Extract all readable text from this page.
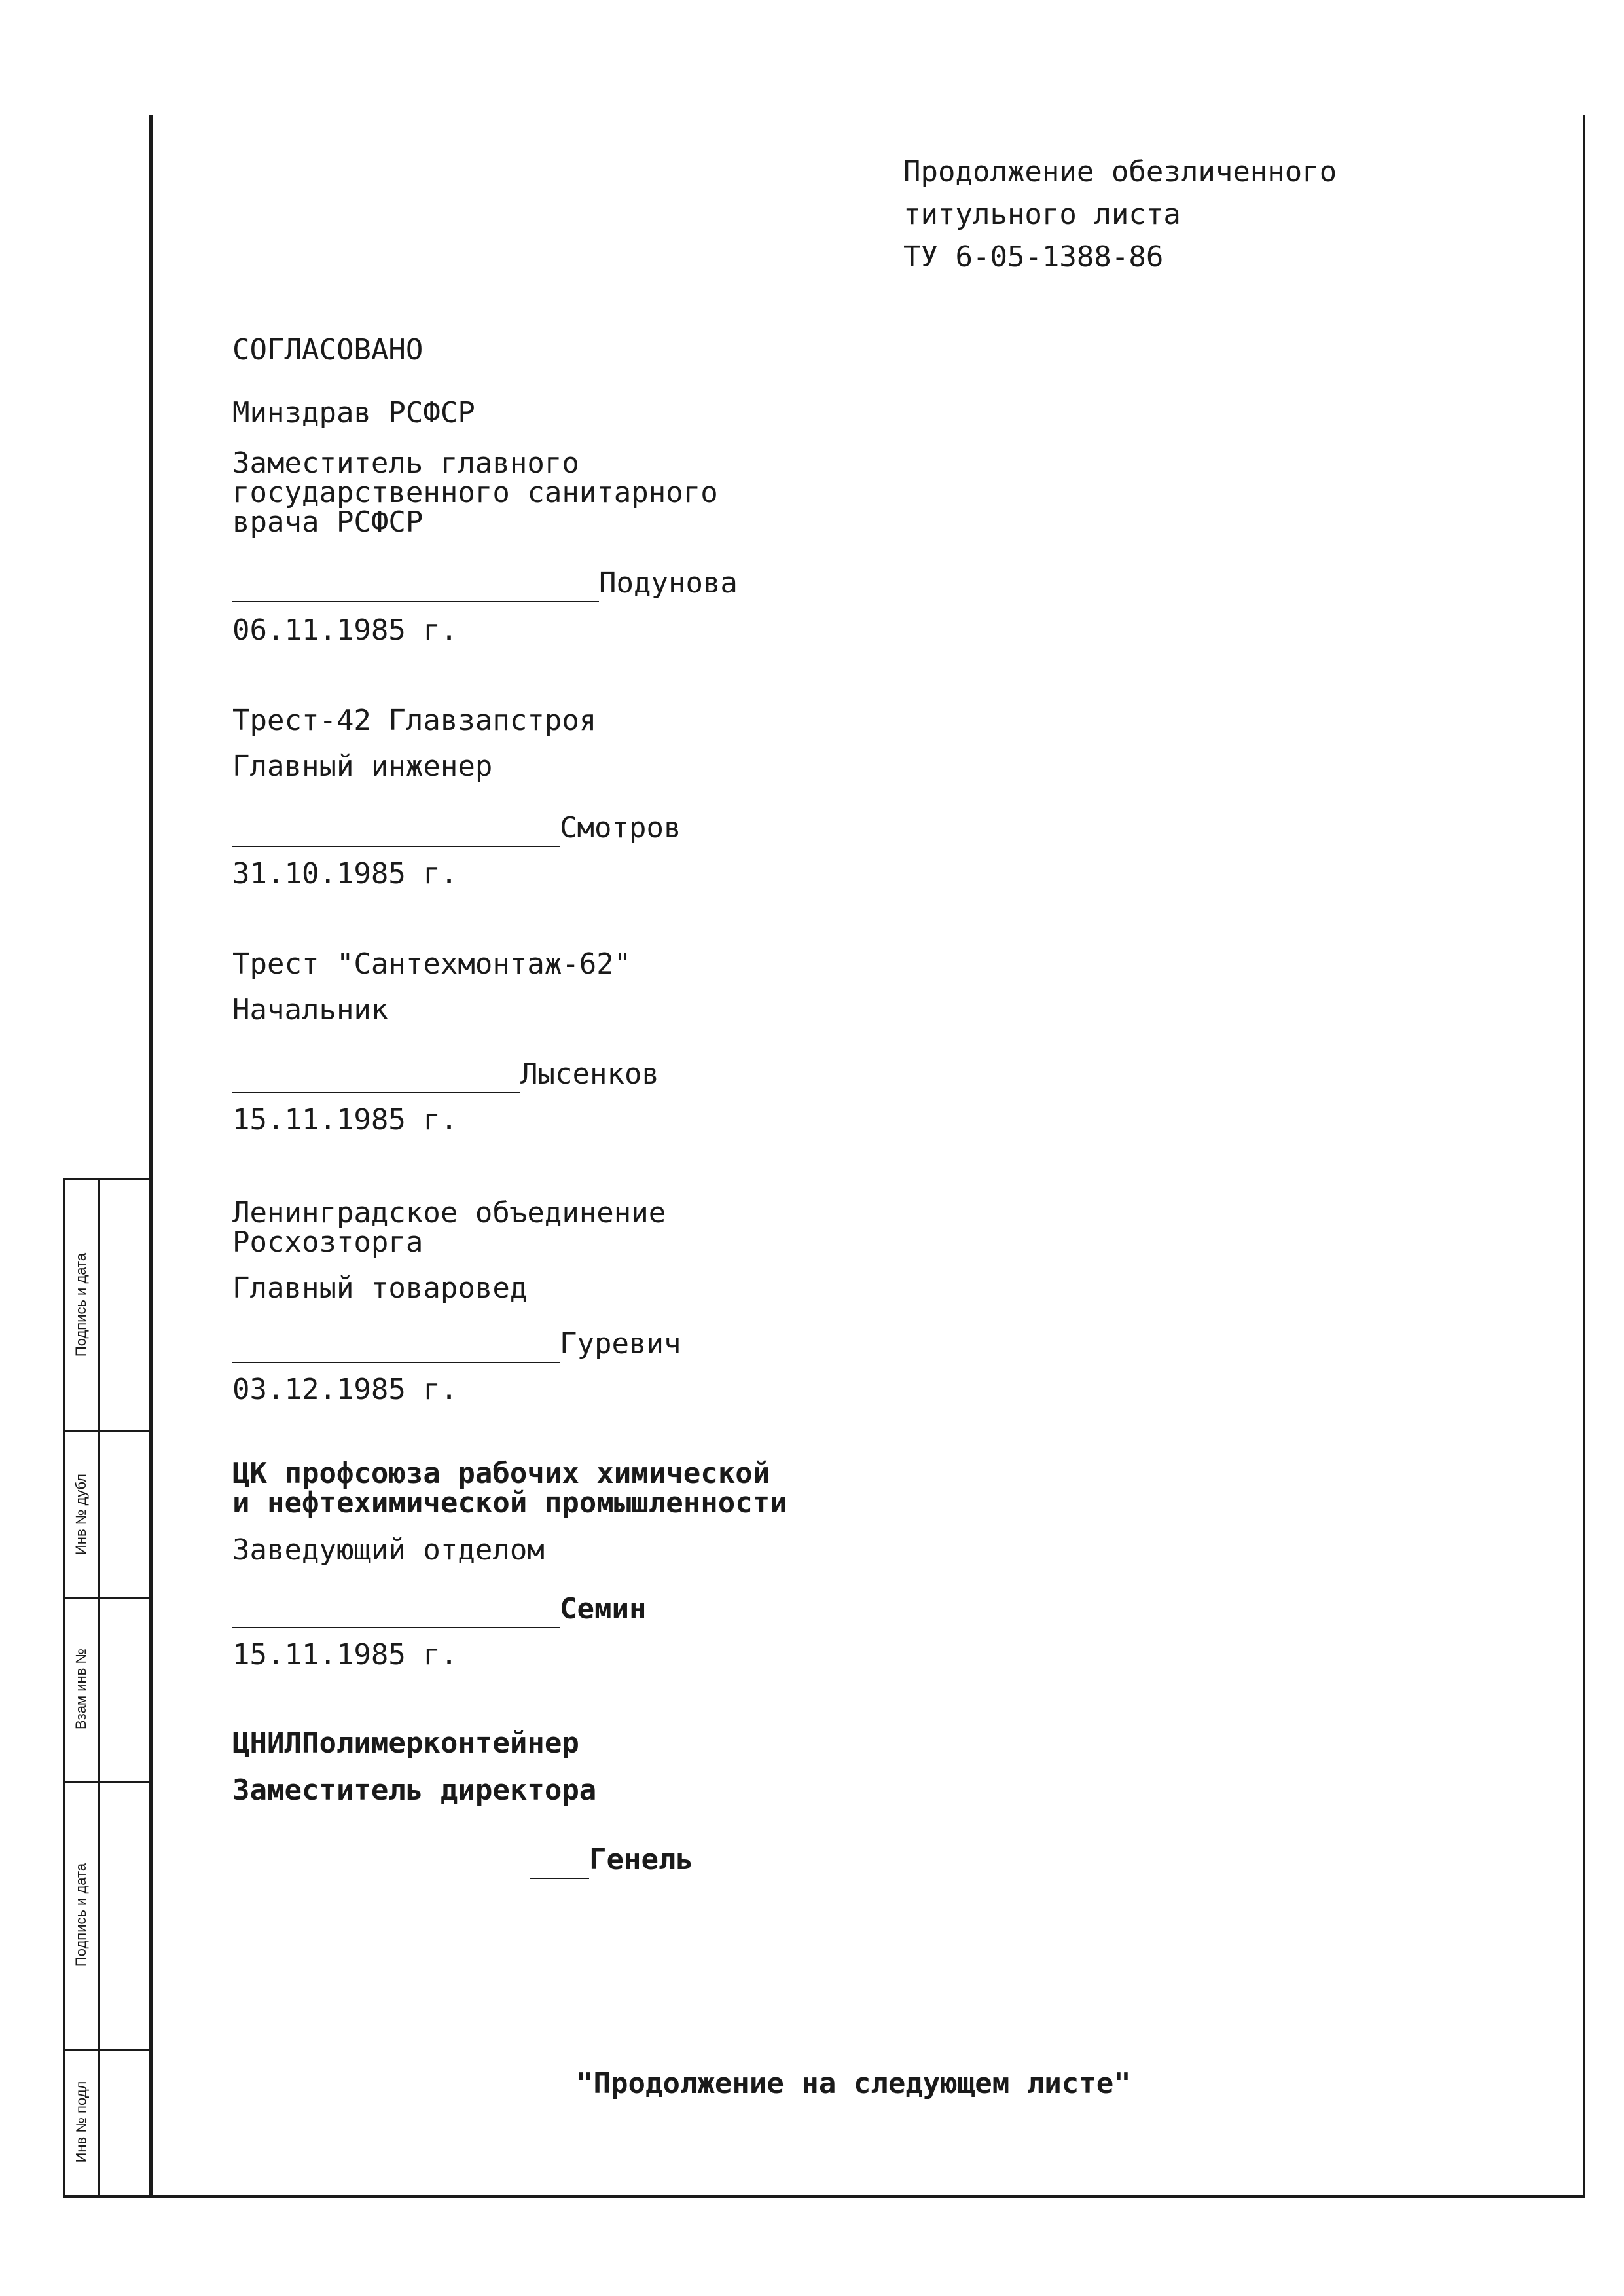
Подпись и дата
Инв № дубл
Взам инв №
Подпись и дата
Инв № подл
Продолжение обезличенного
титульного листа
ТУ 6-05-1388-86
СОГЛАСОВАНО
Минздрав РСФСР
Заместитель главного
государственного санитарного
врача РСФСР
Подунова
06.11.1985 г.
Трест-42 Главзапстроя
Главный инженер
Смотров
31.10.1985 г.
Трест "Сантехмонтаж-62"
Начальник
Лысенков
15.11.1985 г.
Ленинградское объединение
Росхозторга
Главный товаровед
Гуревич
03.12.1985 г.
ЦК профсоюза рабочих химической
и нефтехимической промышленности
Заведующий отделом
Семин
15.11.1985 г.
ЦНИЛПолимерконтейнер
Заместитель директора
Генель
"Продолжение на следующем листе"
